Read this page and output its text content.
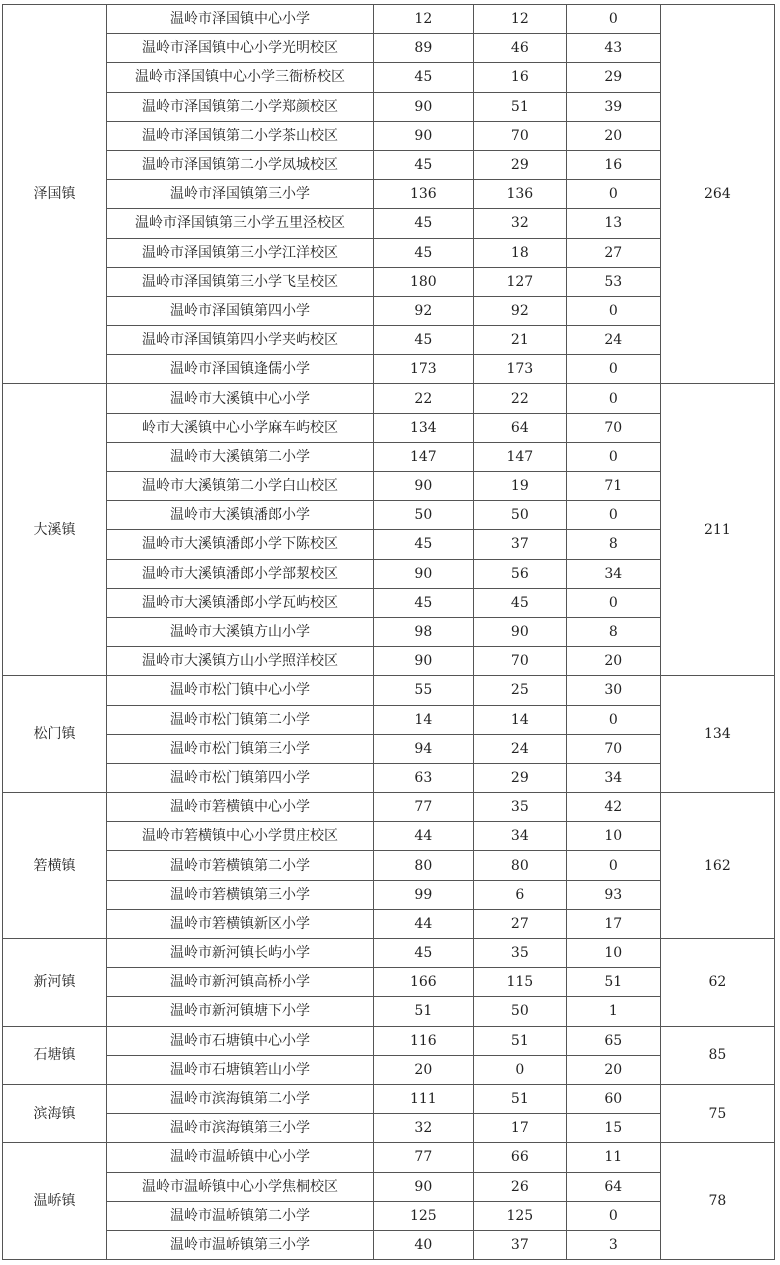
泽国镇	温岭市泽国镇中心小学	12	12	0	264
	温岭市泽国镇中心小学光明校区	89	46	43	
	温岭市泽国镇中心小学三衙桥校区	45	16	29	
	温岭市泽国镇第二小学郑颜校区	90	51	39	
	温岭市泽国镇第二小学茶山校区	90	70	20	
	温岭市泽国镇第二小学凤城校区	45	29	16	
	温岭市泽国镇第三小学	136	136	0	
	温岭市泽国镇第三小学五里泾校区	45	32	13	
	温岭市泽国镇第三小学江洋校区	45	18	27	
	温岭市泽国镇第三小学飞呈校区	180	127	53	
	温岭市泽国镇第四小学	92	92	0	
	温岭市泽国镇第四小学夹屿校区	45	21	24	
	温岭市泽国镇逢儒小学	173	173	0	
大溪镇	温岭市大溪镇中心小学	22	22	0	211
	岭市大溪镇中心小学麻车屿校区	134	64	70	
	温岭市大溪镇第二小学	147	147	0	
	温岭市大溪镇第二小学白山校区	90	19	71	
	温岭市大溪镇潘郎小学	50	50	0	
	温岭市大溪镇潘郎小学下陈校区	45	37	8	
	温岭市大溪镇潘郎小学部洯校区	90	56	34	
	温岭市大溪镇潘郎小学瓦屿校区	45	45	0	
	温岭市大溪镇方山小学	98	90	8	
	温岭市大溪镇方山小学照洋校区	90	70	20	
松门镇	温岭市松门镇中心小学	55	25	30	134
	温岭市松门镇第二小学	14	14	0	
	温岭市松门镇第三小学	94	24	70	
	温岭市松门镇第四小学	63	29	34	
箬横镇	温岭市箬横镇中心小学	77	35	42	162
	温岭市箬横镇中心小学贯庄校区	44	34	10	
	温岭市箬横镇第二小学	80	80	0	
	温岭市箬横镇第三小学	99	6	93	
	温岭市箬横镇新区小学	44	27	17	
新河镇	温岭市新河镇长屿小学	45	35	10	62
	温岭市新河镇高桥小学	166	115	51	
	温岭市新河镇塘下小学	51	50	1	
石塘镇	温岭市石塘镇中心小学	116	51	65	85
	温岭市石塘镇箬山小学	20	0	20	
滨海镇	温岭市滨海镇第二小学	111	51	60	75
	温岭市滨海镇第三小学	32	17	15	
温峤镇	温岭市温峤镇中心小学	77	66	11	78
	温岭市温峤镇中心小学焦桐校区	90	26	64	
	温岭市温峤镇第二小学	125	125	0	
	温岭市温峤镇第三小学	40	37	3	
